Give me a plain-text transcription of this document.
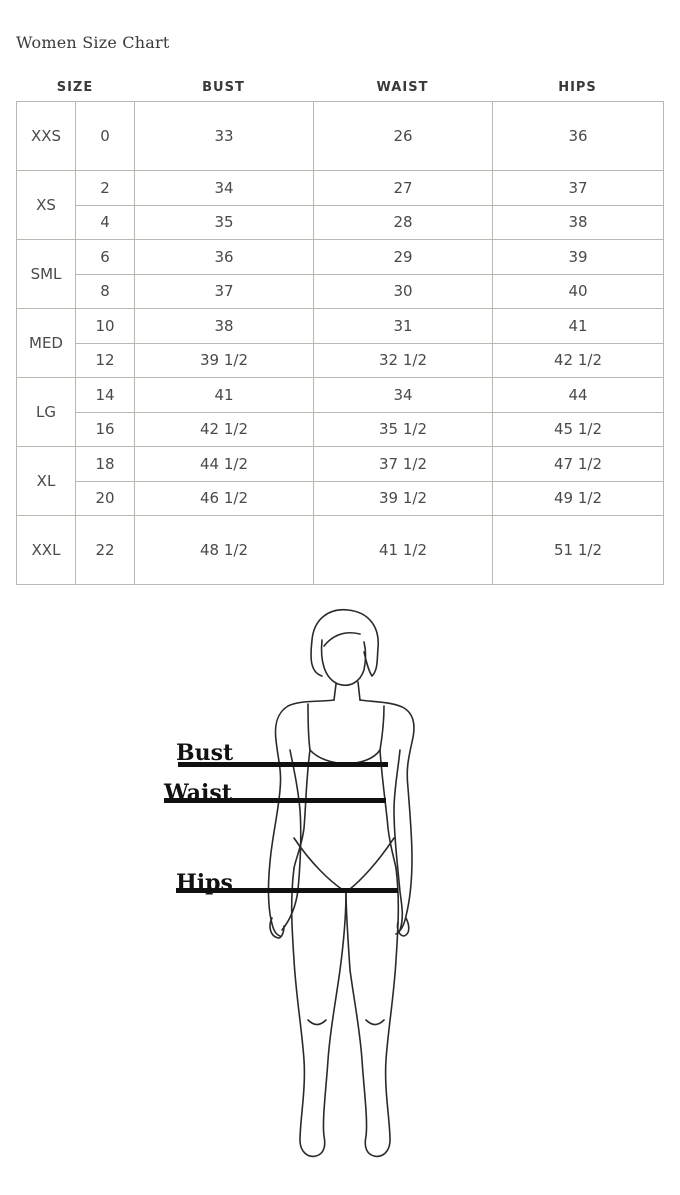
Women Size Chart
SIZE	BUST	WAIST	HIPS
XXS	0	33	26	36
XS	2	34	27	37
	4	35	28	38
SML	6	36	29	39
	8	37	30	40
MED	10	38	31	41
	12	39 1/2	32 1/2	42 1/2
LG	14	41	34	44
	16	42 1/2	35 1/2	45 1/2
XL	18	44 1/2	37 1/2	47 1/2
	20	46 1/2	39 1/2	49 1/2
XXL	22	48 1/2	41 1/2	51 1/2
Bust
Waist
Hips
